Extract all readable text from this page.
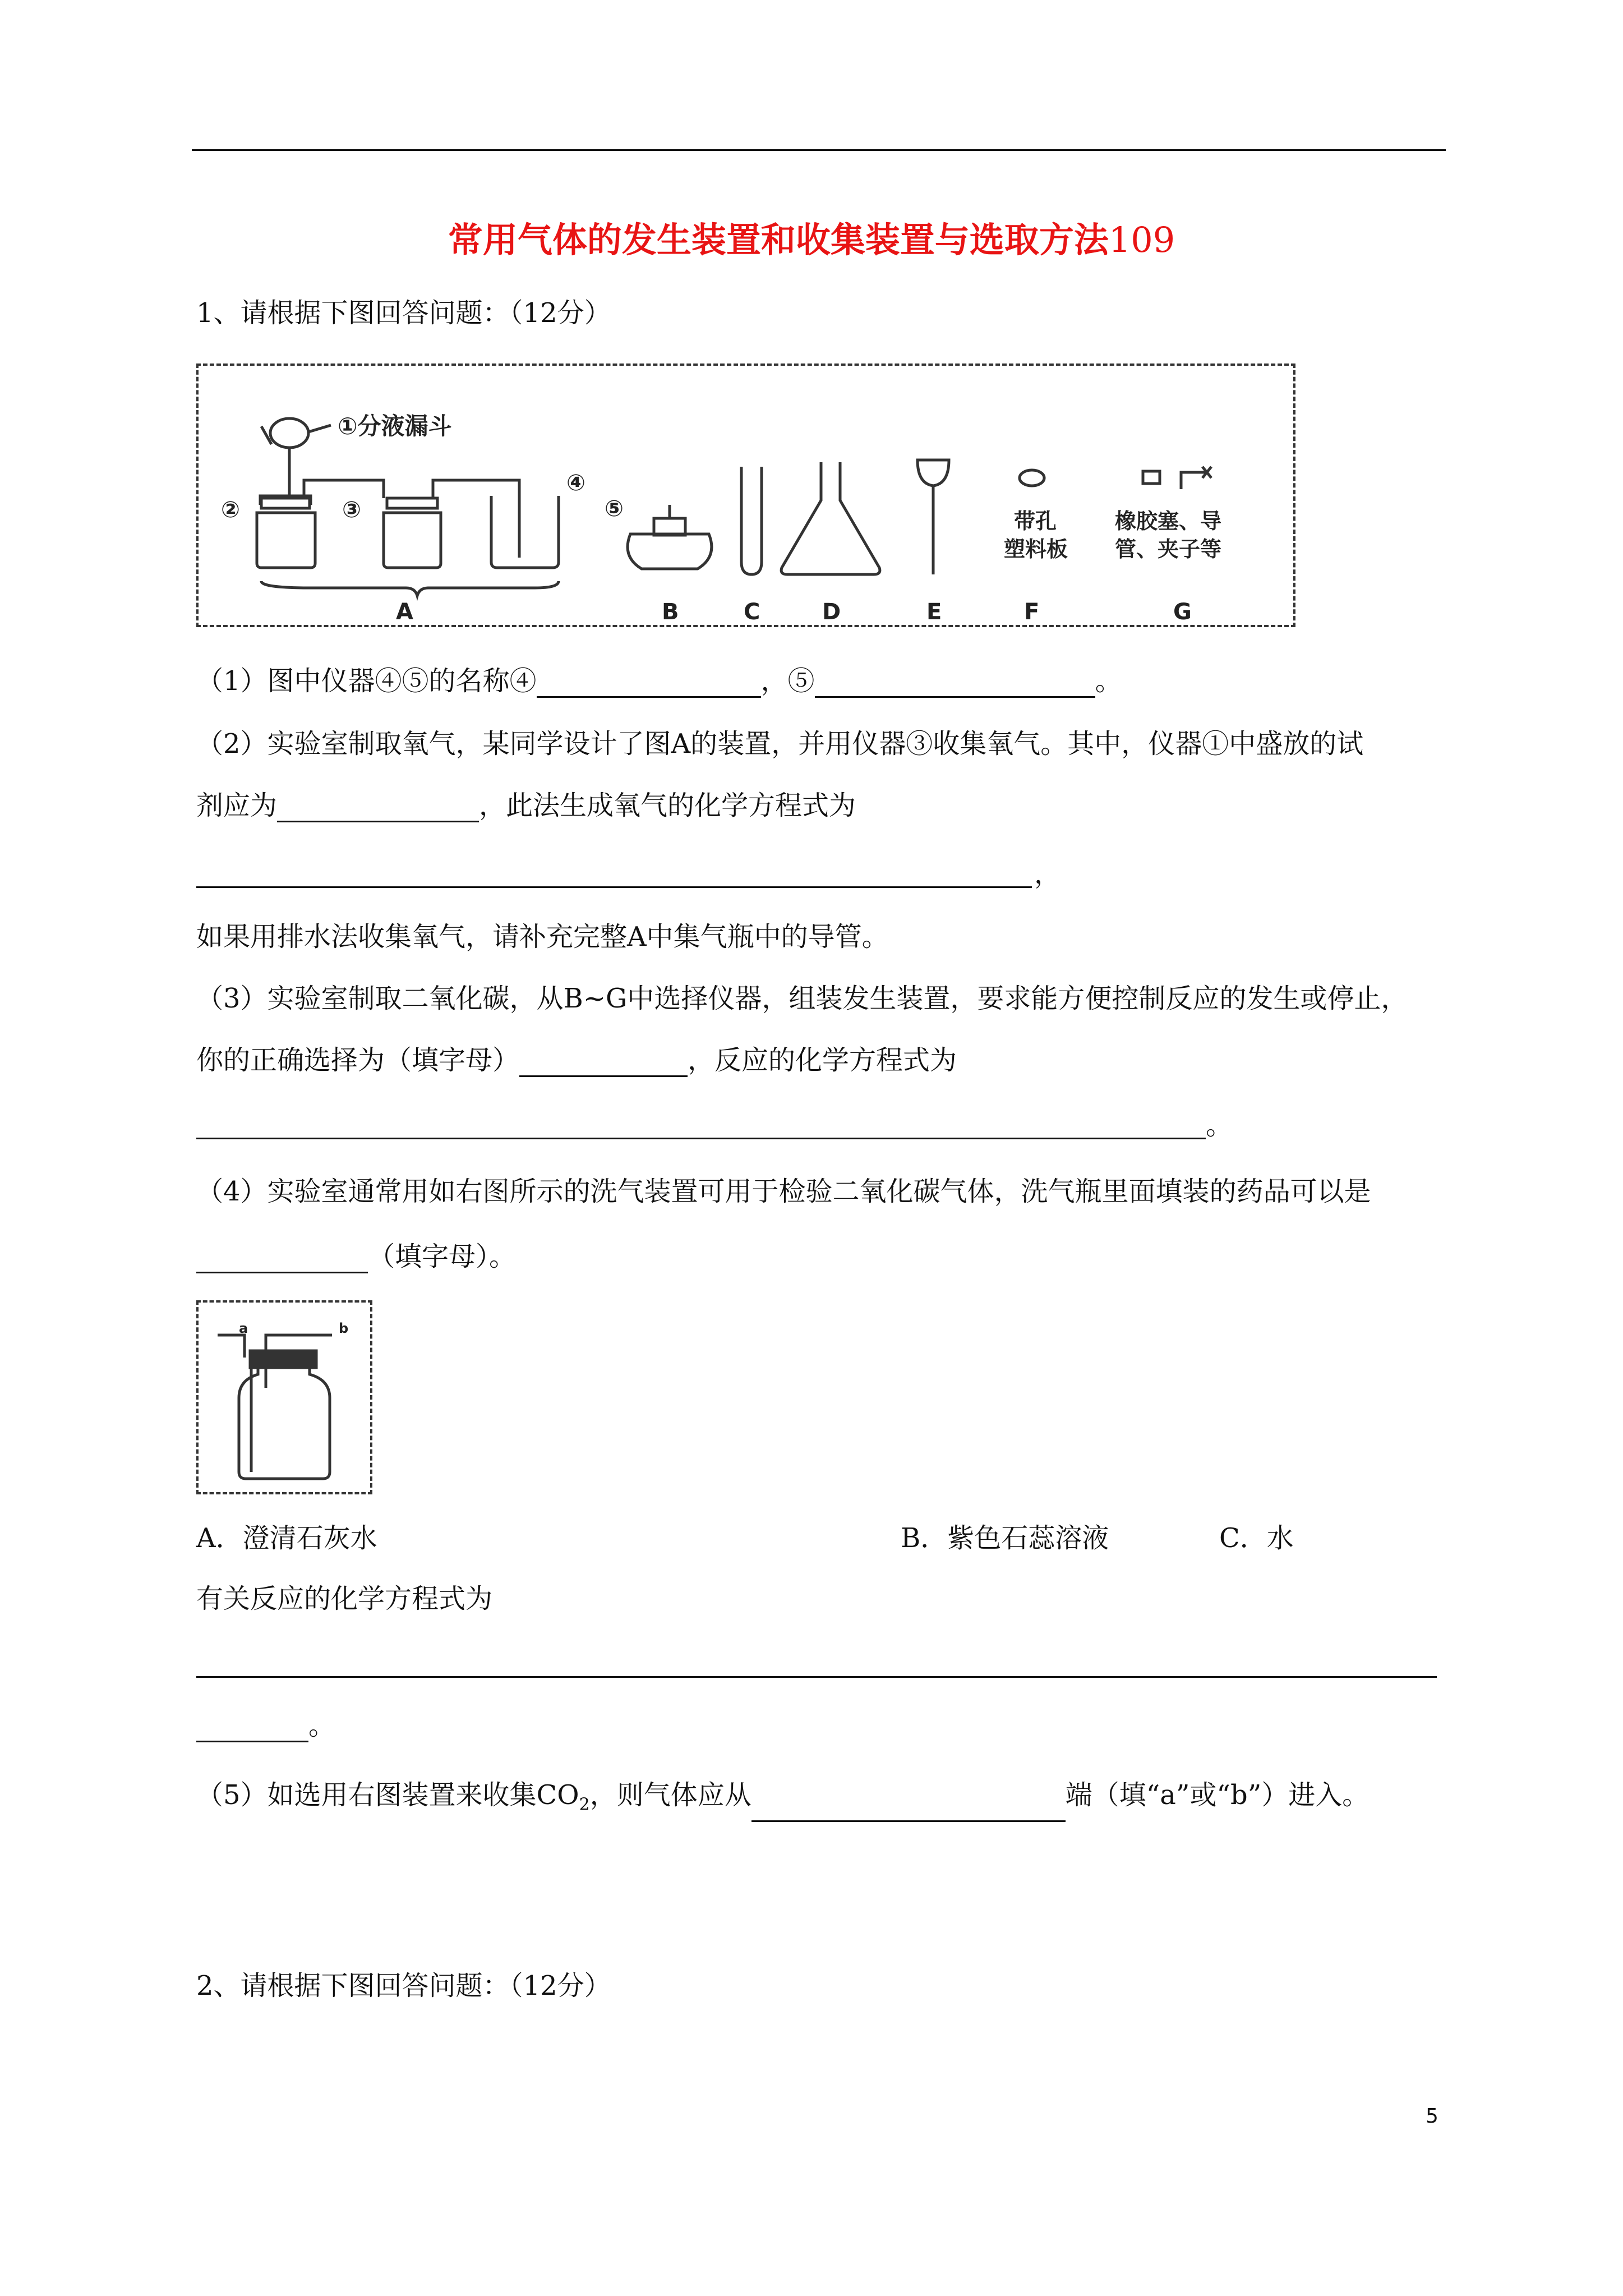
常用气体的发生装置和收集装置与选取方法109
1、请根据下图回答问题：（12分）
①分液漏斗
②	③
④
⑤
A	B	C	D	E	F	G
带孔
塑料板
橡胶塞、导
管、夹子等
（1）图中仪器④⑤的名称④	，⑤	。
（2）实验室制取氧气，某同学设计了图A的装置，并用仪器③收集氧气。其中，仪器①中盛放的试
剂应为	，此法生成氧气的化学方程式为
，
如果用排水法收集氧气，请补充完整A中集气瓶中的导管。
（3）实验室制取二氧化碳，从B~G中选择仪器，组装发生装置，要求能方便控制反应的发生或停止，
你的正确选择为（填字母）	，反应的化学方程式为
。
（4）实验室通常用如右图所示的洗气装置可用于检验二氧化碳气体，洗气瓶里面填装的药品可以是
（填字母）。
a	b
A．澄清石灰水	B．紫色石蕊溶液	C．水
有关反应的化学方程式为
。
（5）如选用右图装置来收集$CO_2$，则气体应从	端（填“a”或“b”）进入。
2、请根据下图回答问题：（12分）
5
